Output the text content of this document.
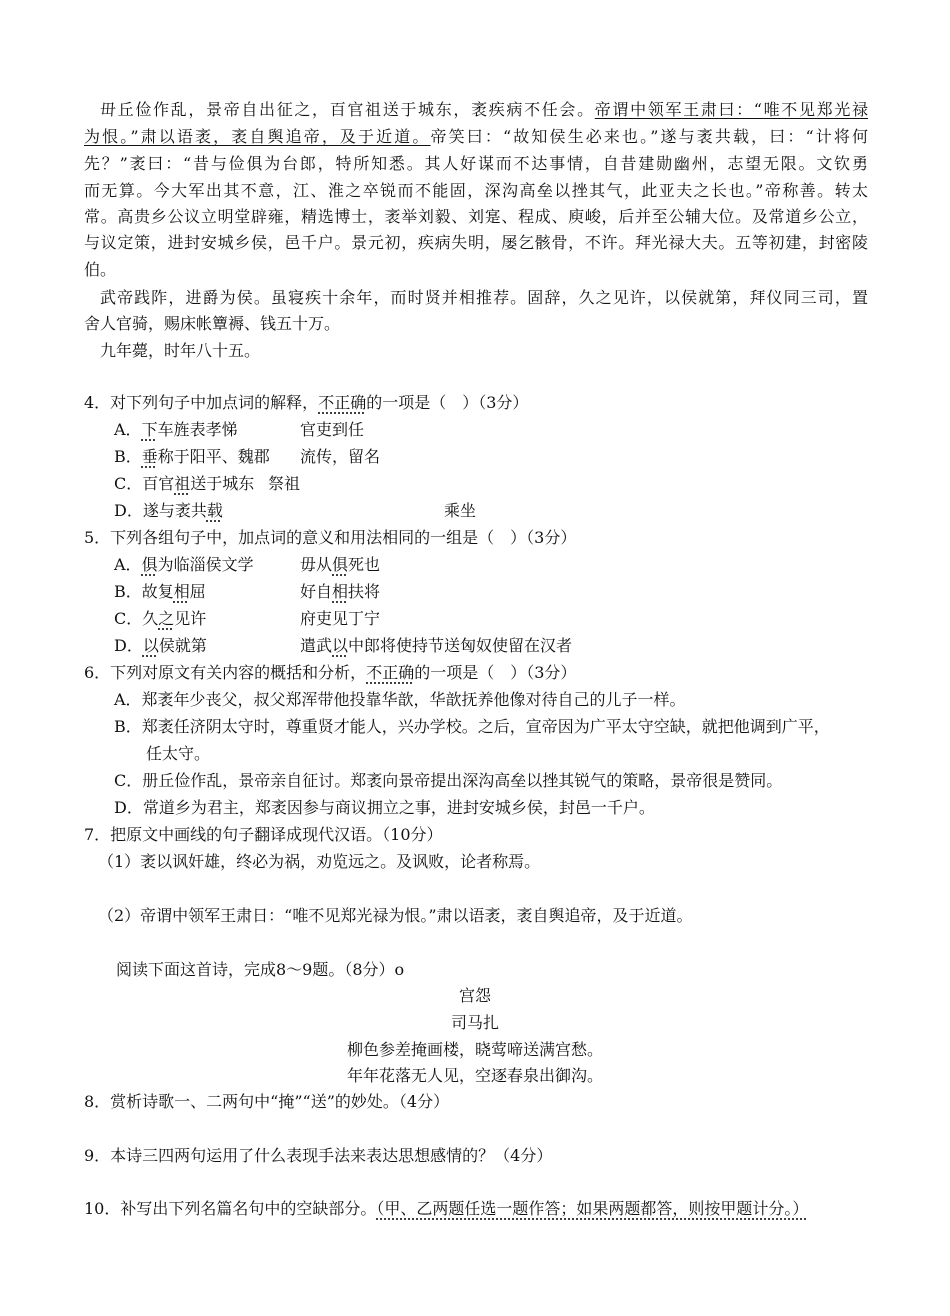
毌丘俭作乱，景帝自出征之，百官祖送于城东，袤疾病不任会。帝谓中领军王肃曰：“唯不见郑光禄
为恨。”肃以语袤，袤自舆追帝，及于近道。帝笑曰：“故知侯生必来也。”遂与袤共载，曰：“计将何
先？”袤曰：“昔与俭俱为台郎，特所知悉。其人好谋而不达事情，自昔建勋幽州，志望无限。文钦勇
而无算。今大军出其不意，江、淮之卒锐而不能固，深沟高垒以挫其气，此亚夫之长也。”帝称善。转太
常。高贵乡公议立明堂辟雍，精选博士，袤举刘毅、刘寔、程成、庾峻，后并至公辅大位。及常道乡公立，
与议定策，进封安城乡侯，邑千户。景元初，疾病失明，屡乞骸骨，不许。拜光禄大夫。五等初建，封密陵
伯。
武帝践阼，进爵为侯。虽寝疾十余年，而时贤并相推荐。固辞，久之见许，以侯就第，拜仪同三司，置
舍人官骑，赐床帐簟褥、钱五十万。
九年薨，时年八十五。
4．对下列句子中加点词的解释，不正确的一项是（　）（3分）
A．下车旌表孝悌	官吏到任
B．垂称于阳平、魏郡 流传，留名
C．百官祖送于城东 祭祖
D．遂与袤共载	乘坐
5．下列各组句子中，加点词的意义和用法相同的一组是（　）（3分）
A．俱为临淄侯文学	毋从俱死也
B．故复相屈	好自相扶将
C．久之见许	府吏见丁宁
D．以侯就第	遣武以中郎将使持节送匈奴使留在汉者
6．下列对原文有关内容的概括和分析，不正确的一项是（　）（3分）
A．郑袤年少丧父，叔父郑浑带他投靠华歆，华歆抚养他像对待自己的儿子一样。
B．郑袤任济阴太守时，尊重贤才能人，兴办学校。之后，宣帝因为广平太守空缺，就把他调到广平，
任太守。
C．册丘俭作乱，景帝亲自征讨。郑袤向景帝提出深沟高垒以挫其锐气的策略，景帝很是赞同。
D．常道乡为君主，郑袤因参与商议拥立之事，进封安城乡侯，封邑一千户。
7．把原文中画线的句子翻译成现代汉语。（10分）
（1）袤以讽奸雄，终必为祸，劝览远之。及讽败，论者称焉。
（2）帝谓中领军王肃日：“唯不见郑光禄为恨。”肃以语袤，袤自舆追帝，及于近道。
阅读下面这首诗，完成8～9题。（8分）o
宫怨
司马扎
柳色参差掩画楼，晓莺啼送满宫愁。
年年花落无人见，空逐春泉出御沟。
8．赏析诗歌一、二两句中“掩”“送”的妙处。（4分）
9．本诗三四两句运用了什么表现手法来表达思想感情的？（4分）
10．补写出下列名篇名句中的空缺部分。（甲、乙两题任选一题作答；如果两题都答，则按甲题计分。）
